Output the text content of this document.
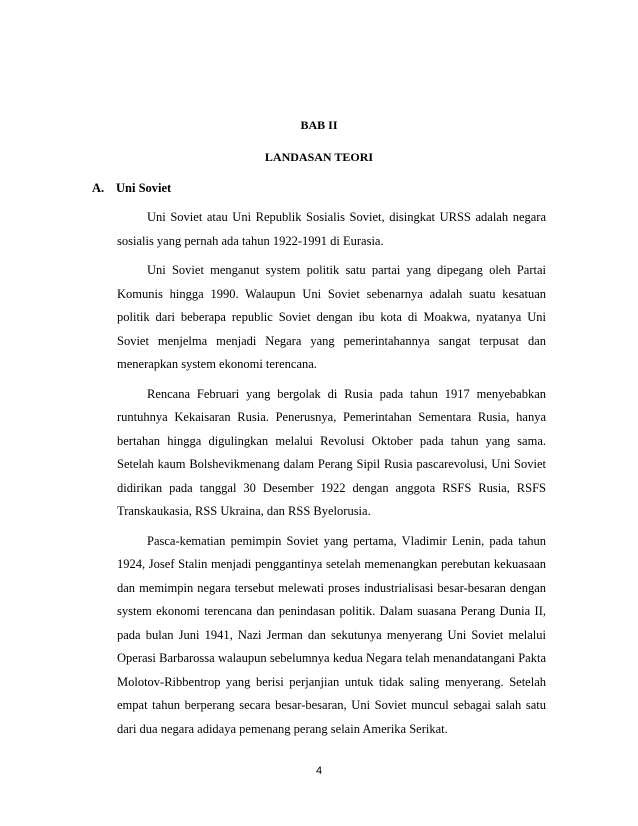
BAB II
LANDASAN TEORI
A. Uni Soviet

Uni Soviet atau Uni Republik Sosialis Soviet, disingkat URSS adalah negara sosialis yang pernah ada tahun 1922-1991 di Eurasia.

Uni Soviet menganut system politik satu partai yang dipegang oleh Partai Komunis hingga 1990. Walaupun Uni Soviet sebenarnya adalah suatu kesatuan politik dari beberapa republic Soviet dengan ibu kota di Moakwa, nyatanya Uni Soviet menjelma menjadi Negara yang pemerintahannya sangat terpusat dan menerapkan system ekonomi terencana.

Rencana Februari yang bergolak di Rusia pada tahun 1917 menyebabkan runtuhnya Kekaisaran Rusia. Penerusnya, Pemerintahan Sementara Rusia, hanya bertahan hingga digulingkan melalui Revolusi Oktober pada tahun yang sama. Setelah kaum Bolshevikmenang dalam Perang Sipil Rusia pascarevolusi, Uni Soviet didirikan pada tanggal 30 Desember 1922 dengan anggota RSFS Rusia, RSFS Transkaukasia, RSS Ukraina, dan RSS Byelorusia.

Pasca-kematian pemimpin Soviet yang pertama, Vladimir Lenin, pada tahun 1924, Josef Stalin menjadi penggantinya setelah memenangkan perebutan kekuasaan dan memimpin negara tersebut melewati proses industrialisasi besar-besaran dengan system ekonomi terencana dan penindasan politik. Dalam suasana Perang Dunia II, pada bulan Juni 1941, Nazi Jerman dan sekutunya menyerang Uni Soviet melalui Operasi Barbarossa walaupun sebelumnya kedua Negara telah menandatangani Pakta Molotov-Ribbentrop yang berisi perjanjian untuk tidak saling menyerang. Setelah empat tahun berperang secara besar-besaran, Uni Soviet muncul sebagai salah satu dari dua negara adidaya pemenang perang selain Amerika Serikat.

4
